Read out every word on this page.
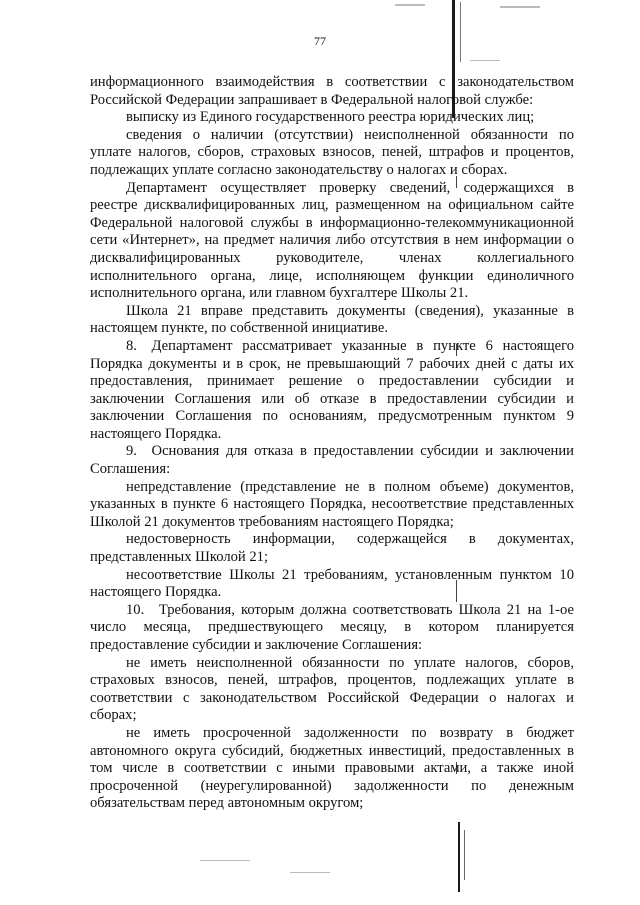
77

информационного взаимодействия в соответствии с законодательством Российской Федерации запрашивает в Федеральной налоговой службе:

выписку из Единого государственного реестра юридических лиц;

сведения о наличии (отсутствии) неисполненной обязанности по уплате налогов, сборов, страховых взносов, пеней, штрафов и процентов, подлежащих уплате согласно законодательству о налогах и сборах.

Департамент осуществляет проверку сведений, содержащихся в реестре дисквалифицированных лиц, размещенном на официальном сайте Федеральной налоговой службы в информационно-телекоммуникационной сети «Интернет», на предмет наличия либо отсутствия в нем информации о дисквалифицированных руководителе, членах коллегиального исполнительного органа, лице, исполняющем функции единоличного исполнительного органа, или главном бухгалтере Школы 21.

Школа 21 вправе представить документы (сведения), указанные в настоящем пункте, по собственной инициативе.

8. Департамент рассматривает указанные в пункте 6 настоящего Порядка документы и в срок, не превышающий 7 рабочих дней с даты их предоставления, принимает решение о предоставлении субсидии и заключении Соглашения или об отказе в предоставлении субсидии и заключении Соглашения по основаниям, предусмотренным пунктом 9 настоящего Порядка.

9. Основания для отказа в предоставлении субсидии и заключении Соглашения:

непредставление (представление не в полном объеме) документов, указанных в пункте 6 настоящего Порядка, несоответствие представленных Школой 21 документов требованиям настоящего Порядка;

недостоверность информации, содержащейся в документах, представленных Школой 21;

несоответствие Школы 21 требованиям, установленным пунктом 10 настоящего Порядка.

10. Требования, которым должна соответствовать Школа 21 на 1-ое число месяца, предшествующего месяцу, в котором планируется предоставление субсидии и заключение Соглашения:

не иметь неисполненной обязанности по уплате налогов, сборов, страховых взносов, пеней, штрафов, процентов, подлежащих уплате в соответствии с законодательством Российской Федерации о налогах и сборах;

не иметь просроченной задолженности по возврату в бюджет автономного округа субсидий, бюджетных инвестиций, предоставленных в том числе в соответствии с иными правовыми актами, а также иной просроченной (неурегулированной) задолженности по денежным обязательствам перед автономным округом;
